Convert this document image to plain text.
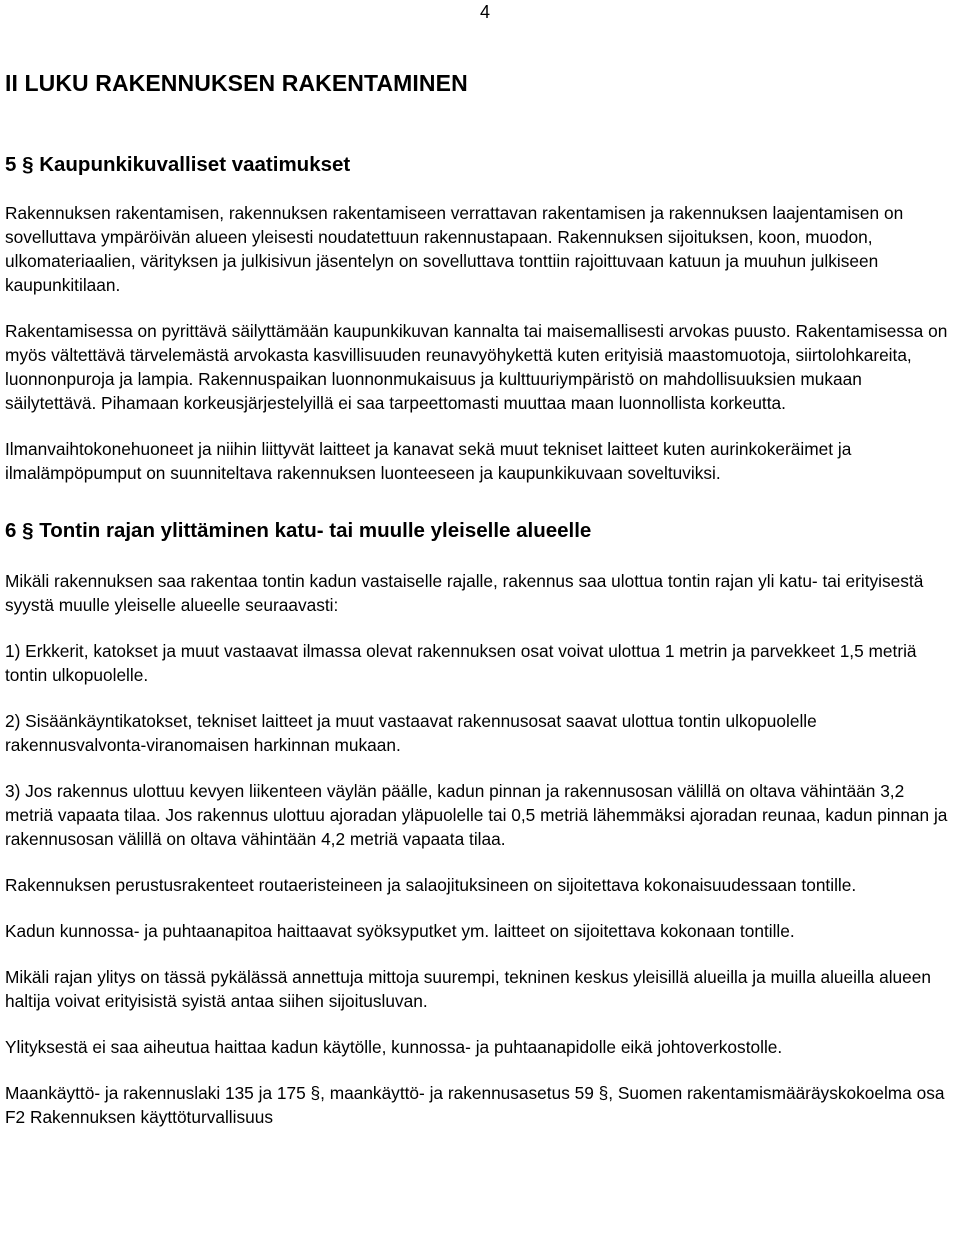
4
II LUKU RAKENNUKSEN RAKENTAMINEN
5 § Kaupunkikuvalliset vaatimukset

Rakennuksen rakentamisen, rakennuksen rakentamiseen verrattavan rakentamisen ja rakennuksen laajentamisen on sovelluttava ympäröivän alueen yleisesti noudatettuun rakennustapaan. Rakennuksen sijoituksen, koon, muodon, ulkomateriaalien, värityksen ja julkisivun jäsentelyn on sovelluttava tonttiin rajoittuvaan katuun ja muuhun julkiseen kaupunkitilaan.

Rakentamisessa on pyrittävä säilyttämään kaupunkikuvan kannalta tai maisemallisesti arvokas puusto. Rakentamisessa on myös vältettävä tärvelemästä arvokasta kasvillisuuden reunavyöhykettä kuten erityisiä maastomuotoja, siirtolohkareita, luonnonpuroja ja lampia. Rakennuspaikan luonnonmukaisuus ja kulttuuriympäristö on mahdollisuuksien mukaan säilytettävä. Pihamaan korkeusjärjestelyillä ei saa tarpeettomasti muuttaa maan luonnollista korkeutta.

Ilmanvaihtokonehuoneet ja niihin liittyvät laitteet ja kanavat sekä muut tekniset laitteet kuten aurinkokeräimet ja ilmalämpöpumput on suunniteltava rakennuksen luonteeseen ja kaupunkikuvaan soveltuviksi.

6 § Tontin rajan ylittäminen katu- tai muulle yleiselle alueelle

Mikäli rakennuksen saa rakentaa tontin kadun vastaiselle rajalle, rakennus saa ulottua tontin rajan yli katu- tai erityisestä syystä muulle yleiselle alueelle seuraavasti:

1) Erkkerit, katokset ja muut vastaavat ilmassa olevat rakennuksen osat voivat ulottua 1 metrin ja parvekkeet 1,5 metriä tontin ulkopuolelle.

2) Sisäänkäyntikatokset, tekniset laitteet ja muut vastaavat rakennusosat saavat ulottua tontin ulkopuolelle rakennusvalvonta-viranomaisen harkinnan mukaan.

3) Jos rakennus ulottuu kevyen liikenteen väylän päälle, kadun pinnan ja rakennusosan välillä on oltava vähintään 3,2 metriä vapaata tilaa. Jos rakennus ulottuu ajoradan yläpuolelle tai 0,5 metriä lähemmäksi ajoradan reunaa, kadun pinnan ja rakennusosan välillä on oltava vähintään 4,2 metriä vapaata tilaa.

Rakennuksen perustusrakenteet routaeristeineen ja salaojituksineen on sijoitettava kokonaisuudessaan tontille.

Kadun kunnossa- ja puhtaanapitoa haittaavat syöksyputket ym. laitteet on sijoitettava kokonaan tontille.

Mikäli rajan ylitys on tässä pykälässä annettuja mittoja suurempi, tekninen keskus yleisillä alueilla ja muilla alueilla alueen haltija voivat erityisistä syistä antaa siihen sijoitusluvan.

Ylityksestä ei saa aiheutua haittaa kadun käytölle, kunnossa- ja puhtaanapidolle eikä johtoverkostolle.

Maankäyttö- ja rakennuslaki 135 ja 175 §, maankäyttö- ja rakennusasetus 59 §, Suomen rakentamismääräyskokoelma osa F2 Rakennuksen käyttöturvallisuus
